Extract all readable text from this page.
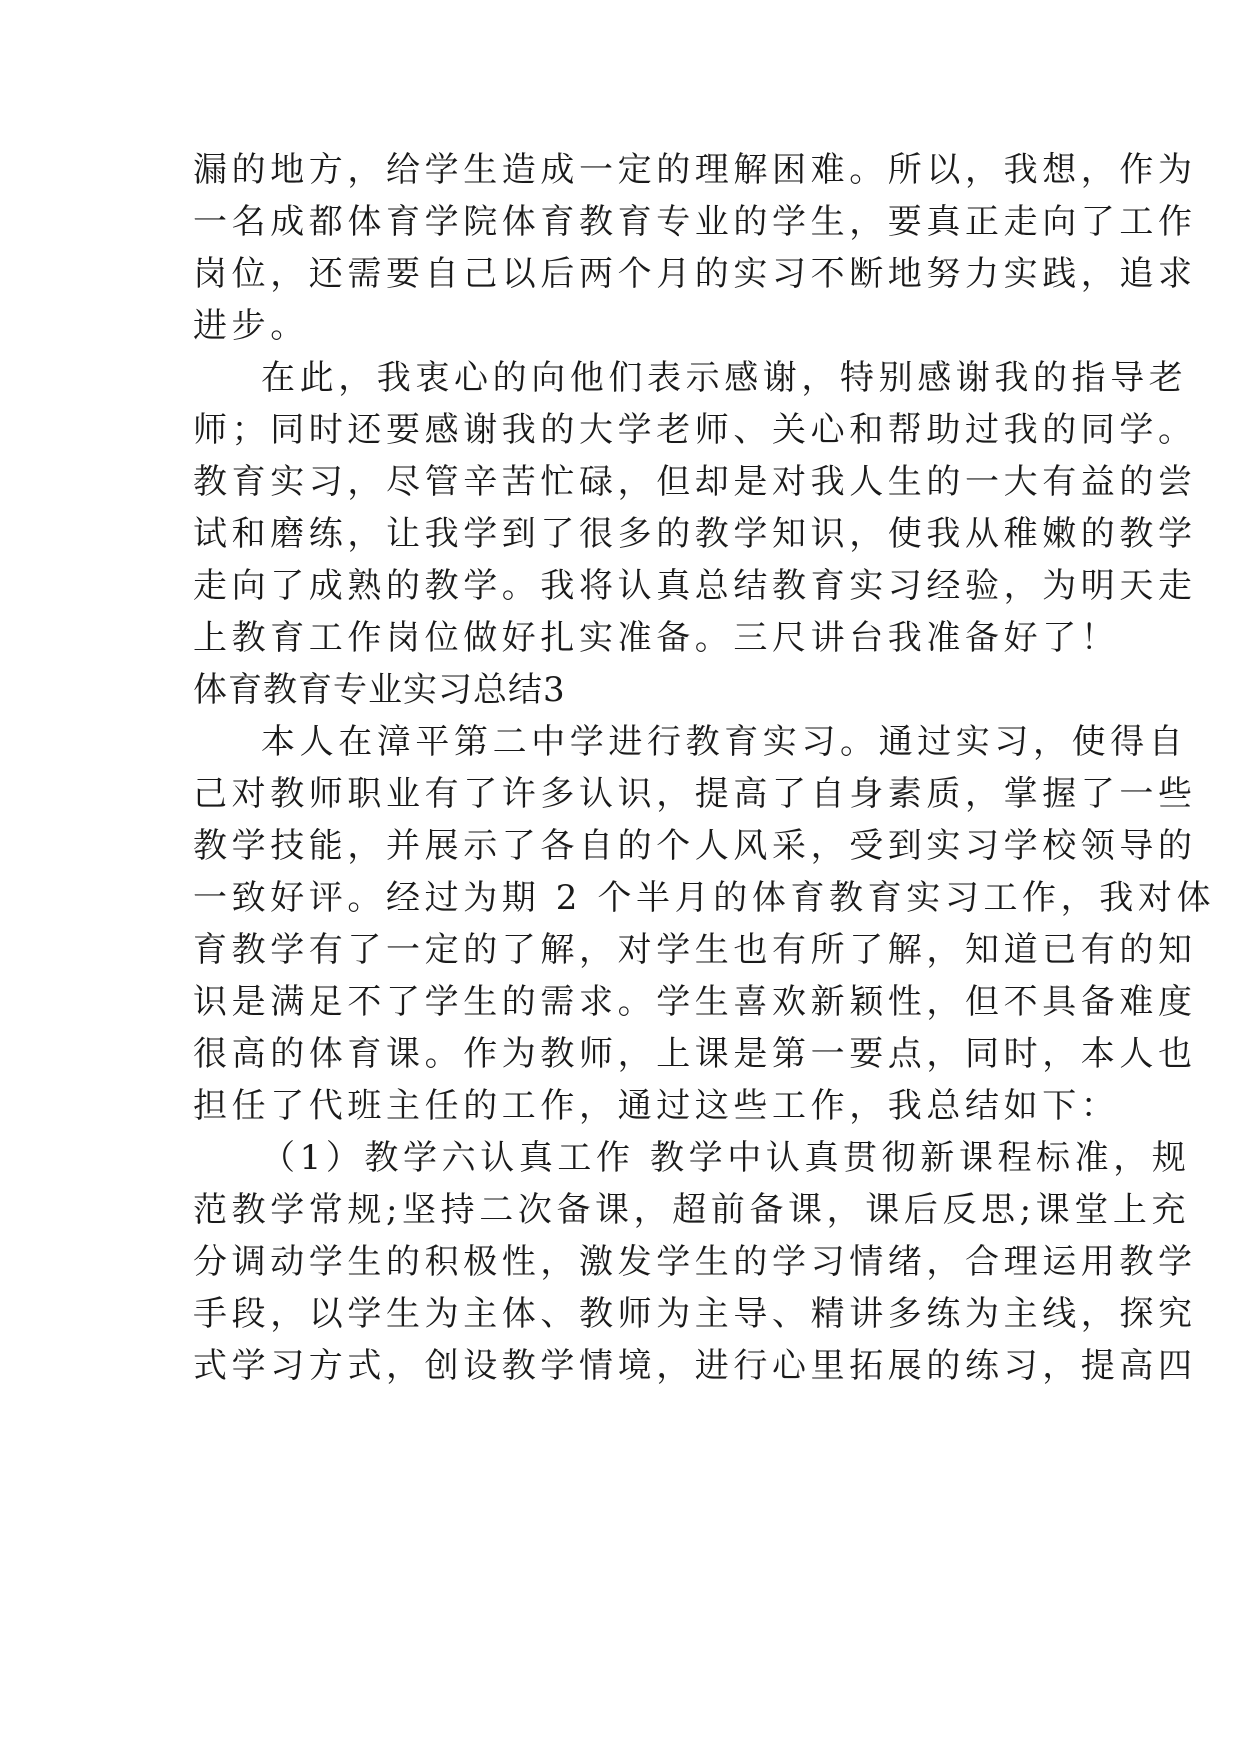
漏的地方，给学生造成一定的理解困难。所以，我想，作为

一名成都体育学院体育教育专业的学生，要真正走向了工作

岗位，还需要自己以后两个月的实习不断地努力实践，追求

进步。

在此，我衷心的向他们表示感谢，特别感谢我的指导老

师；同时还要感谢我的大学老师、关心和帮助过我的同学。

教育实习，尽管辛苦忙碌，但却是对我人生的一大有益的尝

试和磨练，让我学到了很多的教学知识，使我从稚嫩的教学

走向了成熟的教学。我将认真总结教育实习经验，为明天走

上教育工作岗位做好扎实准备。三尺讲台我准备好了！

体育教育专业实习总结3

本人在漳平第二中学进行教育实习。通过实习，使得自

己对教师职业有了许多认识，提高了自身素质，掌握了一些

教学技能，并展示了各自的个人风采，受到实习学校领导的

一致好评。经过为期 2 个半月的体育教育实习工作，我对体

育教学有了一定的了解，对学生也有所了解，知道已有的知

识是满足不了学生的需求。学生喜欢新颖性，但不具备难度

很高的体育课。作为教师，上课是第一要点，同时，本人也

担任了代班主任的工作，通过这些工作，我总结如下：

（1）教学六认真工作 教学中认真贯彻新课程标准，规

范教学常规;坚持二次备课，超前备课，课后反思;课堂上充

分调动学生的积极性，激发学生的学习情绪，合理运用教学

手段，以学生为主体、教师为主导、精讲多练为主线，探究

式学习方式，创设教学情境，进行心里拓展的练习，提高四
